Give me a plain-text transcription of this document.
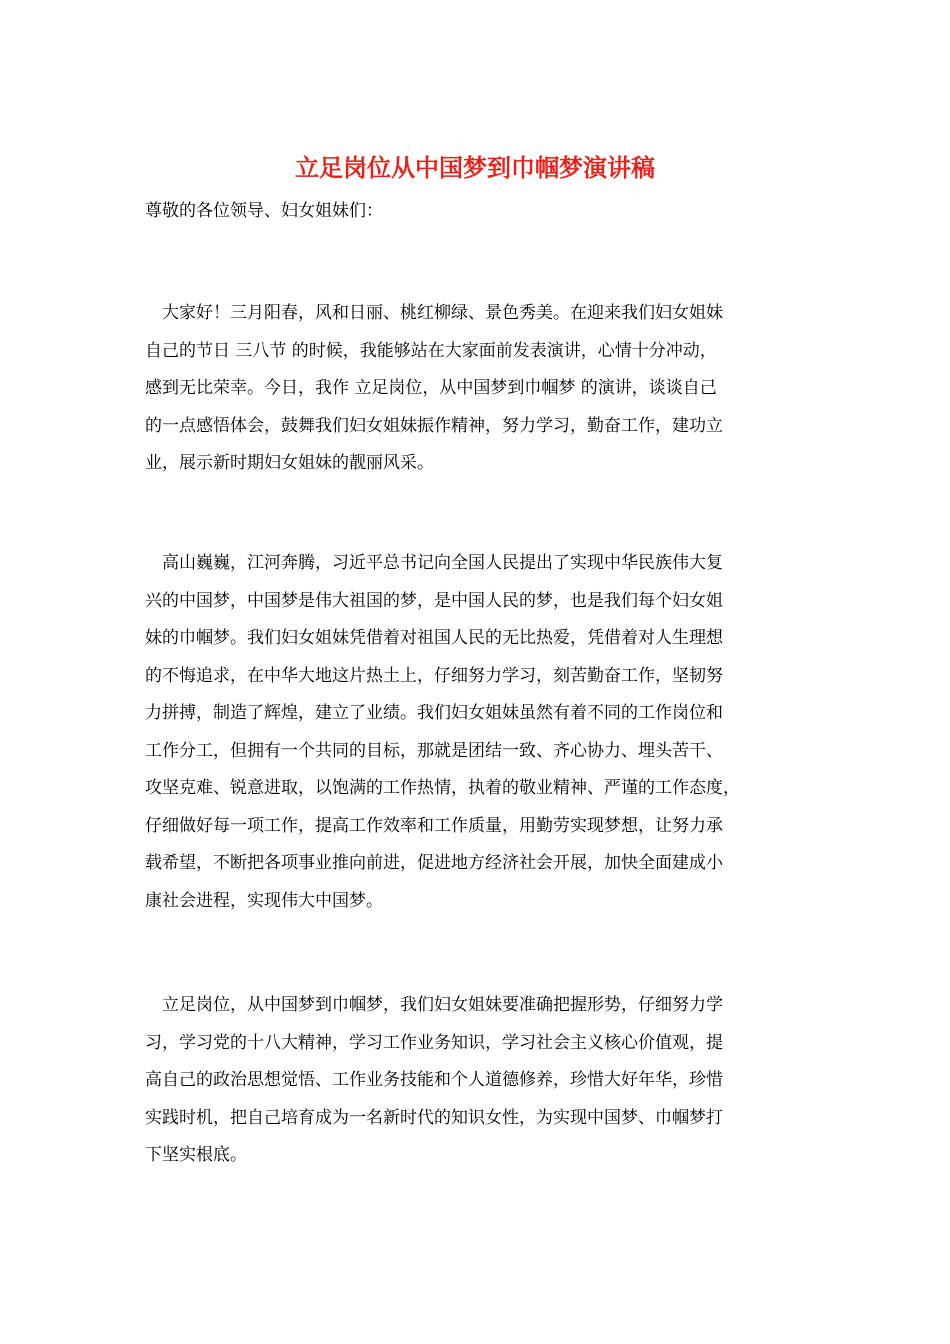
立足岗位从中国梦到巾帼梦演讲稿

尊敬的各位领导、妇女姐妹们：

　大家好！三月阳春，风和日丽、桃红柳绿、景色秀美。在迎来我们妇女姐妹
自己的节日 三八节 的时候，我能够站在大家面前发表演讲，心情十分冲动，
感到无比荣幸。今日，我作 立足岗位，从中国梦到巾帼梦 的演讲，谈谈自己
的一点感悟体会，鼓舞我们妇女姐妹振作精神，努力学习，勤奋工作，建功立
业，展示新时期妇女姐妹的靓丽风采。
　高山巍巍，江河奔腾，习近平总书记向全国人民提出了实现中华民族伟大复
兴的中国梦，中国梦是伟大祖国的梦，是中国人民的梦，也是我们每个妇女姐
妹的巾帼梦。我们妇女姐妹凭借着对祖国人民的无比热爱，凭借着对人生理想
的不悔追求，在中华大地这片热土上，仔细努力学习，刻苦勤奋工作，坚韧努
力拼搏，制造了辉煌，建立了业绩。我们妇女姐妹虽然有着不同的工作岗位和
工作分工，但拥有一个共同的目标，那就是团结一致、齐心协力、埋头苦干、
攻坚克难、锐意进取，以饱满的工作热情，执着的敬业精神、严谨的工作态度，
仔细做好每一项工作，提高工作效率和工作质量，用勤劳实现梦想，让努力承
载希望，不断把各项事业推向前进，促进地方经济社会开展，加快全面建成小
康社会进程，实现伟大中国梦。
　立足岗位，从中国梦到巾帼梦，我们妇女姐妹要准确把握形势，仔细努力学
习，学习党的十八大精神，学习工作业务知识，学习社会主义核心价值观，提
高自己的政治思想觉悟、工作业务技能和个人道德修养，珍惜大好年华，珍惜
实践时机，把自己培育成为一名新时代的知识女性，为实现中国梦、巾帼梦打
下坚实根底。
